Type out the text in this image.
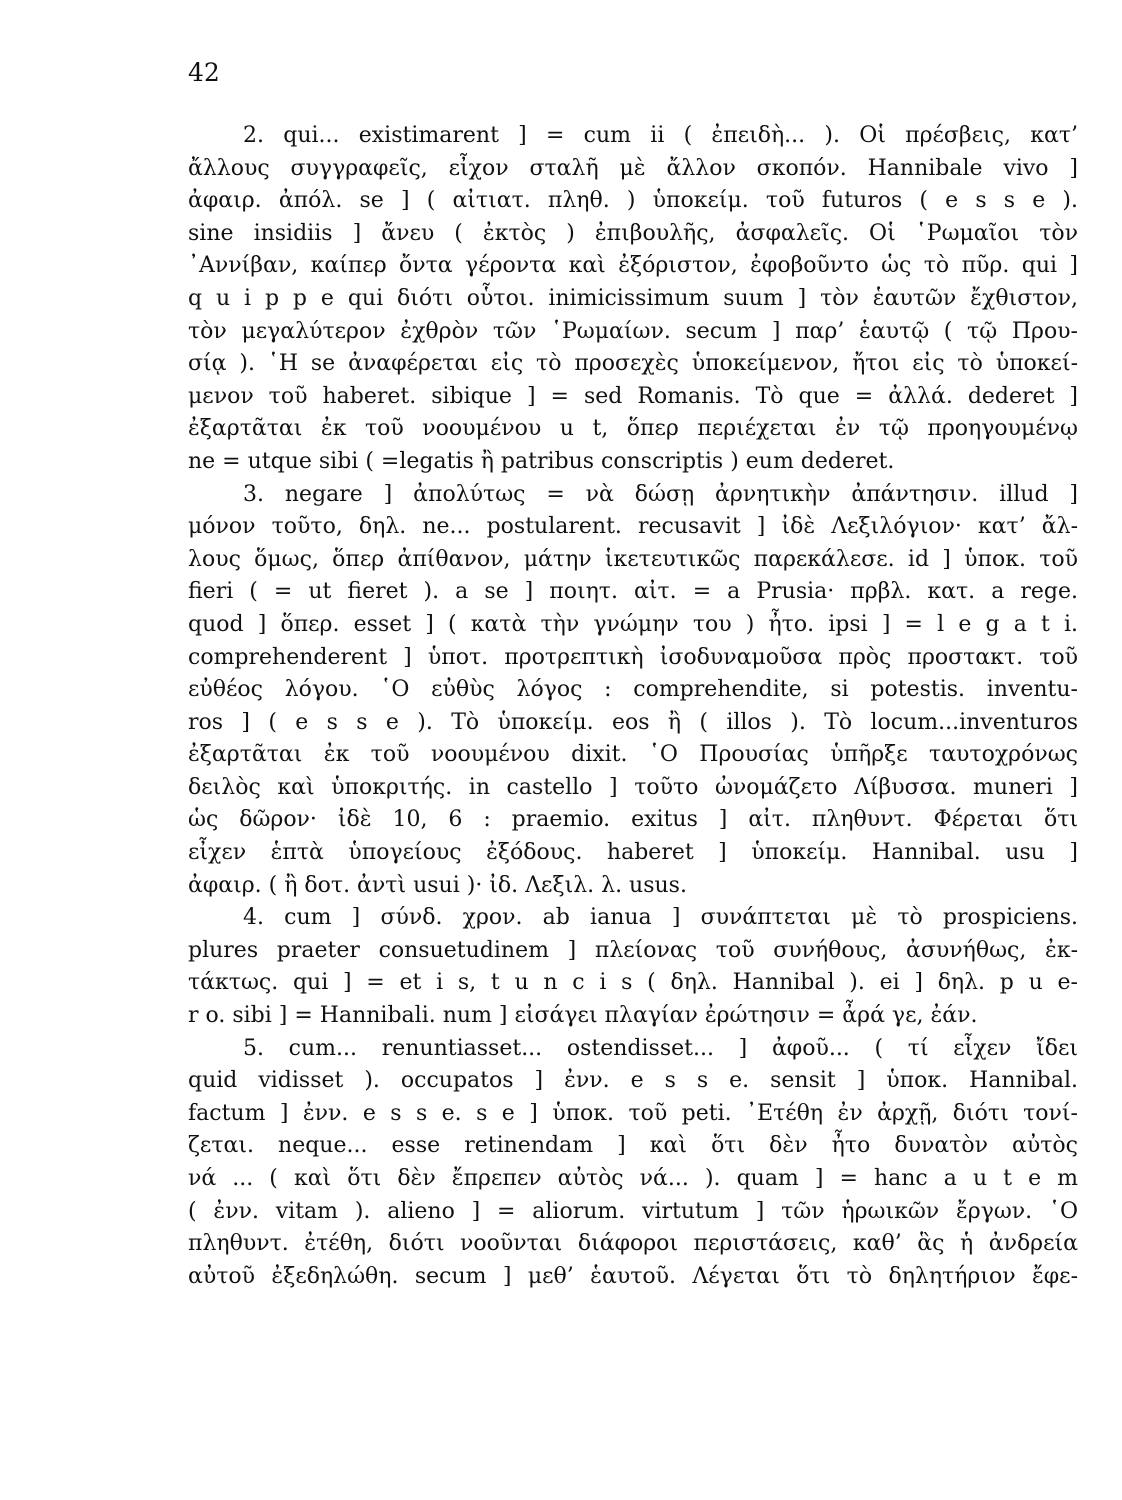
42
2. qui... existimarent ] = cum ii ( ἐπειδὴ... ). Οἱ πρέσβεις, κατ’
ἄλλους συγγραφεῖς, εἶχον σταλῆ μὲ ἄλλον σκοπόν. Hannibale vivo ]
ἀφαιρ. ἀπόλ. se ] ( αἰτιατ. πληθ. ) ὑποκείμ. τοῦ futuros ( e s s e ).
sine insidiis ] ἄνευ ( ἐκτὸς ) ἐπιβουλῆς, ἀσφαλεῖς. Οἱ ῾Ρωμαῖοι τὸν
᾿Αννίβαν, καίπερ ὄντα γέροντα καὶ ἐξόριστον, ἐφοβοῦντο ὡς τὸ πῦρ. qui ]
q u i p p e qui διότι οὗτοι. inimicissimum suum ] τὸν ἑαυτῶν ἔχθιστον,
τὸν μεγαλύτερον ἐχθρὸν τῶν ῾Ρωμαίων. secum ] παρ’ ἑαυτῷ ( τῷ Πρου-
σίᾳ ). ῾Η se ἀναφέρεται εἰς τὸ προσεχὲς ὑποκείμενον, ἤτοι εἰς τὸ ὑποκεί-
μενον τοῦ haberet. sibique ] = sed Romanis. Τὸ que = ἀλλά. dederet ]
ἐξαρτᾶται ἐκ τοῦ νοουμένου u t, ὅπερ περιέχεται ἐν τῷ προηγουμένῳ
ne = utque sibi ( =legatis ἢ patribus conscriptis ) eum dederet.
3. negare ] ἀπολύτως = νὰ δώσῃ ἀρνητικὴν ἀπάντησιν. illud ]
μόνον τοῦτο, δηλ. ne... postularent. recusavit ] ἰδὲ Λεξιλόγιον· κατ’ ἄλ-
λους ὅμως, ὅπερ ἀπίθανον, μάτην ἱκετευτικῶς παρεκάλεσε. id ] ὑποκ. τοῦ
fieri ( = ut fieret ). a se ] ποιητ. αἰτ. = a Prusia· πρβλ. κατ. a rege.
quod ] ὅπερ. esset ] ( κατὰ τὴν γνώμην του ) ἦτο. ipsi ] = l e g a t i.
comprehenderent ] ὑποτ. προτρεπτικὴ ἰσοδυναμοῦσα πρὸς προστακτ. τοῦ
εὐθέος λόγου. ῾Ο εὐθὺς λόγος : comprehendite, si potestis. inventu-
ros ] ( e s s e ). Τὸ ὑποκείμ. eos ἢ ( illos ). Τὸ locum...inventuros
ἐξαρτᾶται ἐκ τοῦ νοουμένου dixit. ῾Ο Προυσίας ὑπῆρξε ταυτοχρόνως
δειλὸς καὶ ὑποκριτής. in castello ] τοῦτο ὠνομάζετο Λίβυσσα. muneri ]
ὡς δῶρον· ἰδὲ 10, 6 : praemio. exitus ] αἰτ. πληθυντ. Φέρεται ὅτι
εἶχεν ἑπτὰ ὑπογείους ἐξόδους. haberet ] ὑποκείμ. Hannibal. usu ]
ἀφαιρ. ( ἢ δοτ. ἀντὶ usui )· ἰδ. Λεξιλ. λ. usus.
4. cum ] σύνδ. χρον. ab ianua ] συνάπτεται μὲ τὸ prospiciens.
plures praeter consuetudinem ] πλείονας τοῦ συνήθους, ἀσυνήθως, ἐκ-
τάκτως. qui ] = et i s, t u n c i s ( δηλ. Hannibal ). ei ] δηλ. p u e-
r o. sibi ] = Hannibali. num ] εἰσάγει πλαγίαν ἐρώτησιν = ἆρά γε, ἐάν.
5. cum... renuntiasset... ostendisset... ] ἀφοῦ... ( τί εἶχεν ἴδει
quid vidisset ). occupatos ] ἐνν. e s s e. sensit ] ὑποκ. Hannibal.
factum ] ἐνν. e s s e. s e ] ὑποκ. τοῦ peti. ᾿Ετέθη ἐν ἀρχῇ, διότι τονί-
ζεται. neque... esse retinendam ] καὶ ὅτι δὲν ἦτο δυνατὸν αὐτὸς
νά ... ( καὶ ὅτι δὲν ἔπρεπεν αὐτὸς νά... ). quam ] = hanc a u t e m
( ἐνν. vitam ). alieno ] = aliorum. virtutum ] τῶν ἡρωικῶν ἔργων. ῾Ο
πληθυντ. ἐτέθη, διότι νοοῦνται διάφοροι περιστάσεις, καθ’ ἃς ἡ ἀνδρεία
αὐτοῦ ἐξεδηλώθη. secum ] μεθ’ ἑαυτοῦ. Λέγεται ὅτι τὸ δηλητήριον ἔφε-
